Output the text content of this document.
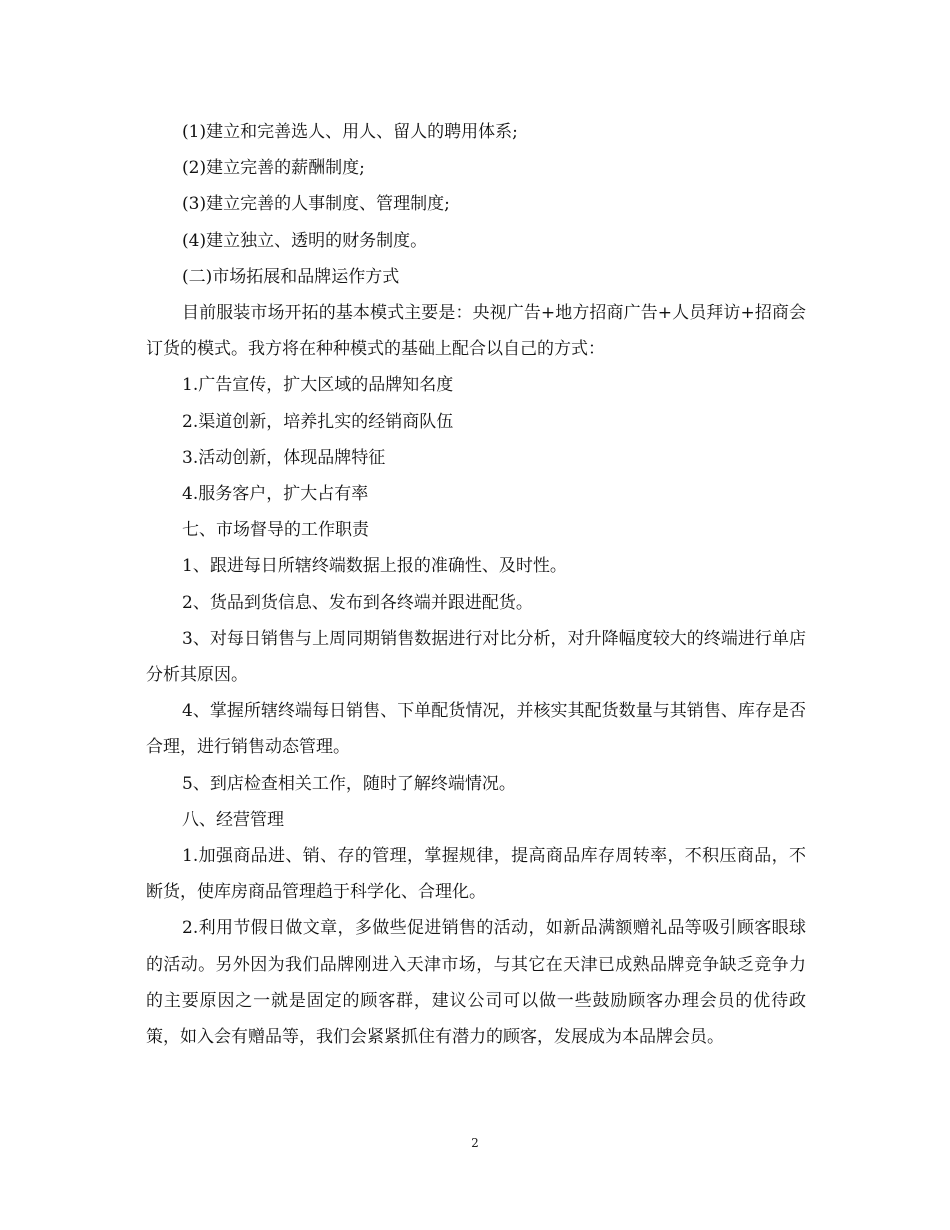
(1)建立和完善选人、用人、留人的聘用体系;

(2)建立完善的薪酬制度;

(3)建立完善的人事制度、管理制度;

(4)建立独立、透明的财务制度。

(二)市场拓展和品牌运作方式

目前服装市场开拓的基本模式主要是：央视广告+地方招商广告+人员拜访+招商会订货的模式。我方将在种种模式的基础上配合以自己的方式：

1.广告宣传，扩大区域的品牌知名度

2.渠道创新，培养扎实的经销商队伍

3.活动创新，体现品牌特征

4.服务客户，扩大占有率

七、市场督导的工作职责

1、跟进每日所辖终端数据上报的准确性、及时性。

2、货品到货信息、发布到各终端并跟进配货。

3、对每日销售与上周同期销售数据进行对比分析，对升降幅度较大的终端进行单店分析其原因。

4、掌握所辖终端每日销售、下单配货情况，并核实其配货数量与其销售、库存是否合理，进行销售动态管理。

5、到店检查相关工作，随时了解终端情况。

八、经营管理

1.加强商品进、销、存的管理，掌握规律，提高商品库存周转率，不积压商品，不断货，使库房商品管理趋于科学化、合理化。

2.利用节假日做文章，多做些促进销售的活动，如新品满额赠礼品等吸引顾客眼球的活动。另外因为我们品牌刚进入天津市场，与其它在天津已成熟品牌竞争缺乏竞争力的主要原因之一就是固定的顾客群，建议公司可以做一些鼓励顾客办理会员的优待政策，如入会有赠品等，我们会紧紧抓住有潜力的顾客，发展成为本品牌会员。

2
